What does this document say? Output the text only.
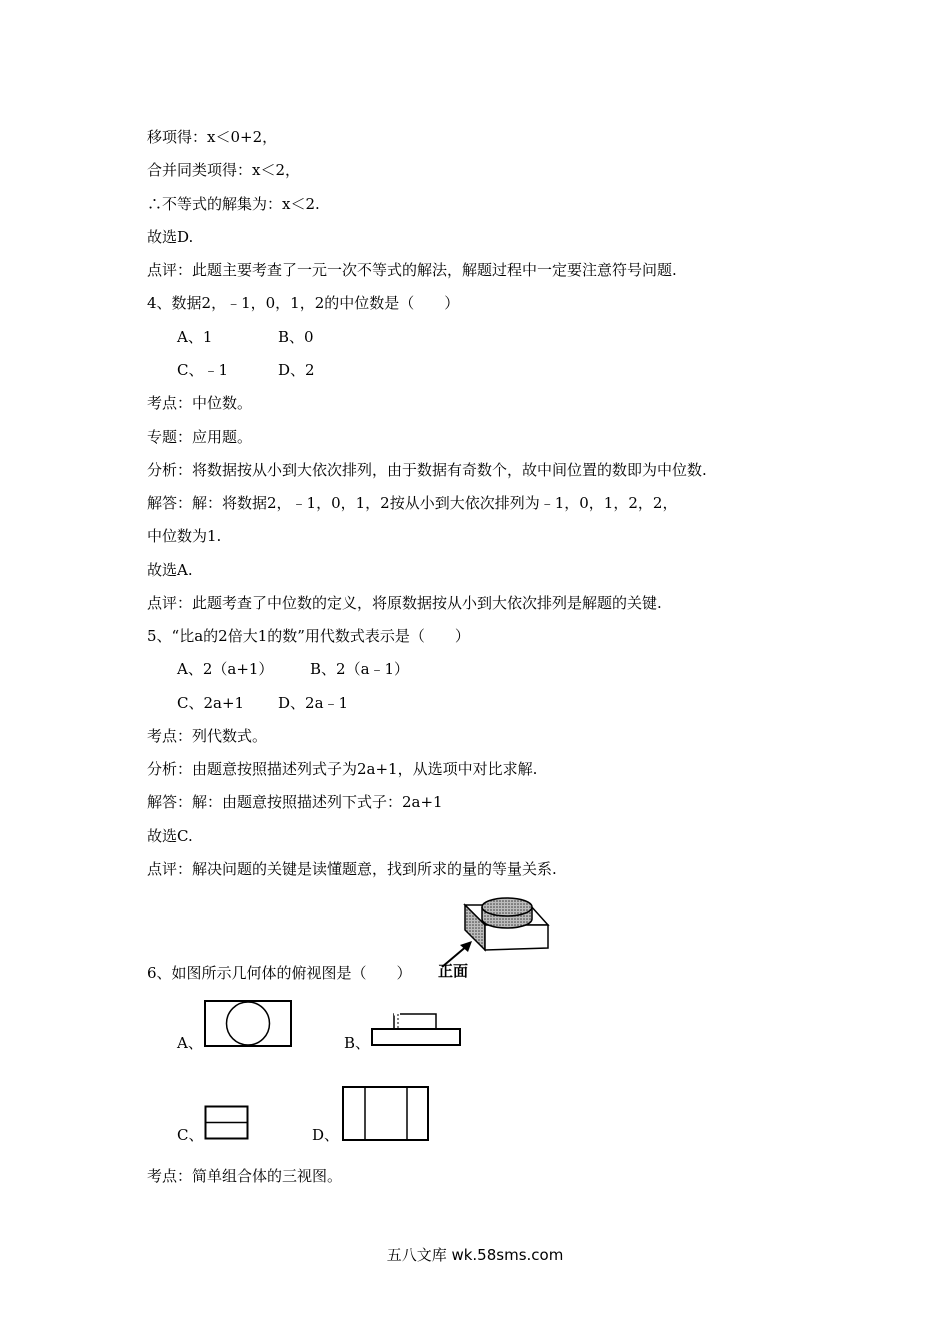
移项得：x＜0+2，
合并同类项得：x＜2，
∴不等式的解集为：x＜2.
故选D.
点评：此题主要考查了一元一次不等式的解法，解题过程中一定要注意符号问题.
4、数据2，﹣1，0，1，2的中位数是（　　）
A、1	B、0
C、﹣1	D、2
考点：中位数。
专题：应用题。
分析：将数据按从小到大依次排列，由于数据有奇数个，故中间位置的数即为中位数.
解答：解：将数据2，﹣1，0，1，2按从小到大依次排列为﹣1，0，1，2，2，
中位数为1.
故选A.
点评：此题考查了中位数的定义，将原数据按从小到大依次排列是解题的关键.
5、“比a的2倍大1的数”用代数式表示是（　　）
A、2（a+1） B、2（a﹣1）
C、2a+1 D、2a﹣1
考点：列代数式。
分析：由题意按照描述列式子为2a+1，从选项中对比求解.
解答：解：由题意按照描述列下式子：2a+1
故选C.
点评：解决问题的关键是读懂题意，找到所求的量的等量关系.
正面
6、如图所示几何体的俯视图是（　　）
A、	B、
C、	D、
考点：简单组合体的三视图。
五八文库 wk.58sms.com
